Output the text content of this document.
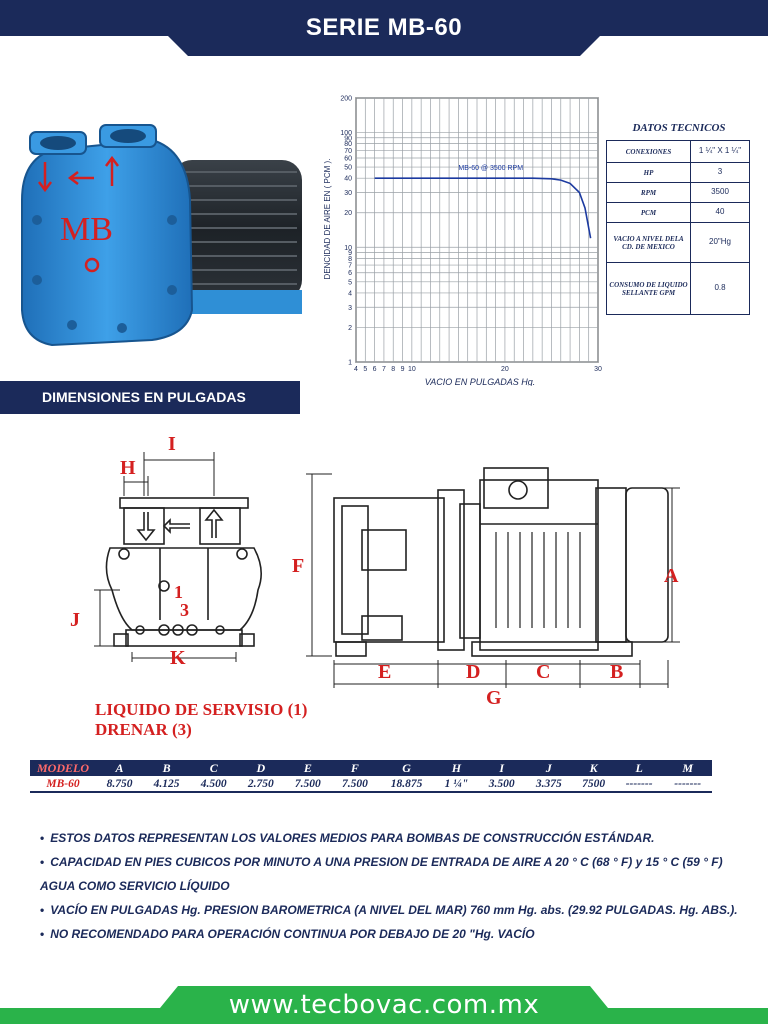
SERIE MB-60
MB
1
2
3
4
5
6
7
8
9
10
20
30
40
50
60
70
80
90
100
200
4 5 6 7 8 9 10	20	30
MB-60 @ 3500 RPM
VACIO EN PULGADAS Hg.
DENCIDAD DE AIRE EN ( PCM ).
DATOS TECNICOS
CONEXIONES	1 ¼" X 1 ¼"
HP	3
RPM	3500
PCM	40
VACIO A NIVEL DELA CD. DE MEXICO	20"Hg
CONSUMO DE LIQUIDO SELLANTE GPM	0.8
DIMENSIONES EN PULGADAS
I
H
J
K
1
3
F	A
E	D	C	B
G
LIQUIDO DE SERVISIO (1)
DRENAR (3)
MODELO	A	B	C	D	E	F	G	H	I	J	K	L	M
MB-60	8.750	4.125	4.500	2.750	7.500	7.500	18.875	1 ¼"	3.500	3.375	7500	-------	-------
• ESTOS DATOS REPRESENTAN LOS VALORES MEDIOS PARA BOMBAS DE CONSTRUCCIÓN ESTÁNDAR.
• CAPACIDAD EN PIES CUBICOS POR MINUTO A UNA PRESION DE ENTRADA DE AIRE A 20 ° C (68 ° F) y 15 ° C (59 ° F)
AGUA COMO SERVICIO LÍQUIDO
• VACÍO EN PULGADAS Hg. PRESION BAROMETRICA (A NIVEL DEL MAR) 760 mm Hg. abs. (29.92 PULGADAS. Hg. ABS.).
• NO RECOMENDADO PARA OPERACIÓN CONTINUA POR DEBAJO DE 20 "Hg. VACÍO
www.tecbovac.com.mx
